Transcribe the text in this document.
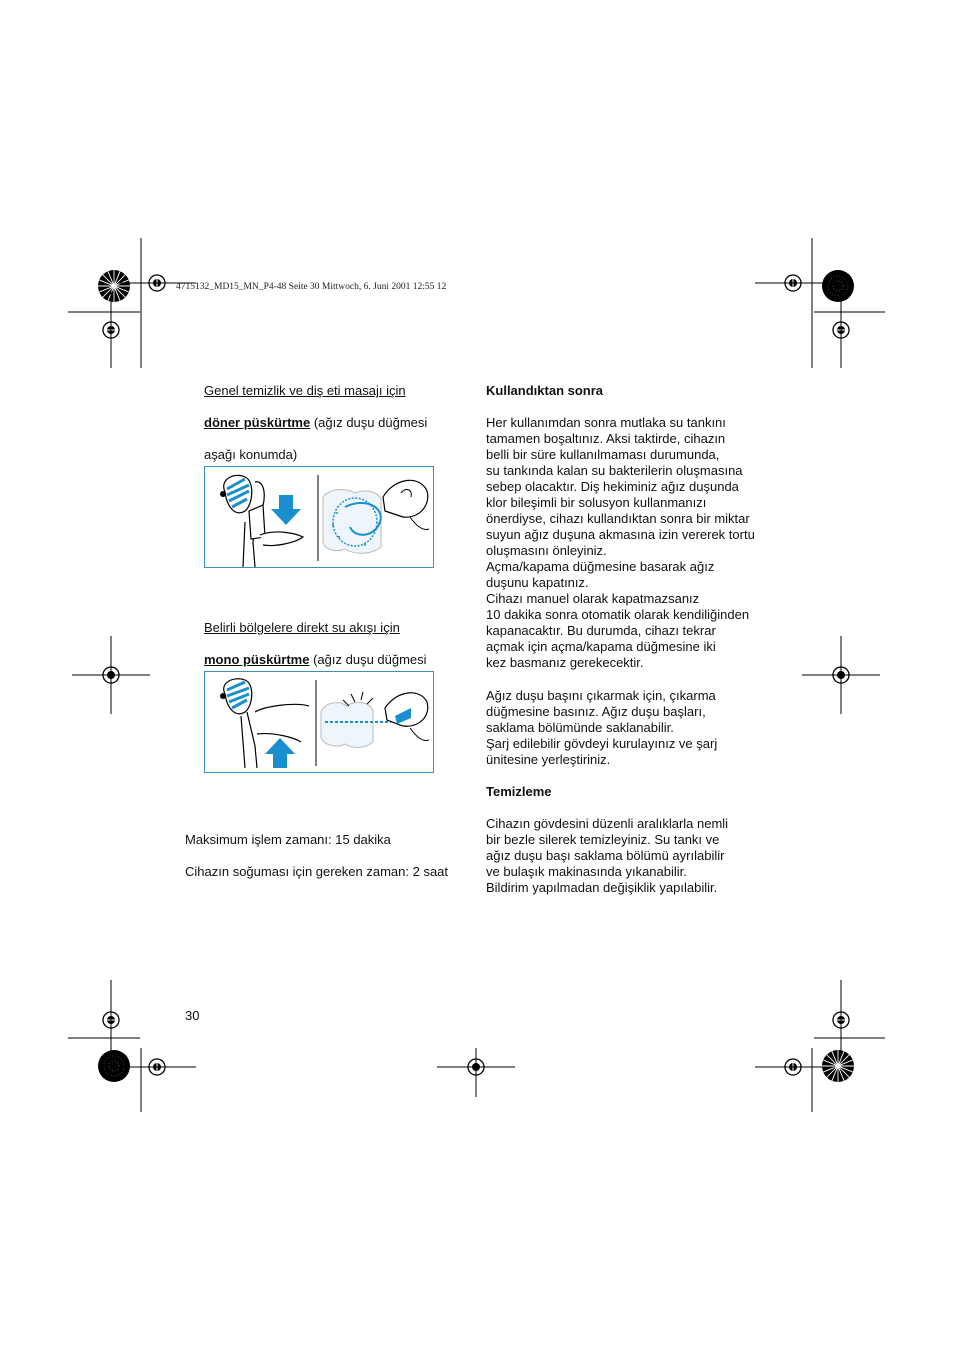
4715132_MD15_MN_P4-48 Seite 30 Mittwoch, 6. Juni 2001 12:55 12

Genel temizlik ve diş eti masajı için

döner püskürtme (ağız duşu düğmesi

aşağı konumda)

Belirli bölgelere direkt su akışı için

mono püskürtme (ağız duşu düğmesi

Maksimum işlem zamanı: 15 dakika

Cihazın soğuması için gereken zaman: 2 saat

Kullandıktan sonra

Her kullanımdan sonra mutlaka su tankını
tamamen boşaltınız. Aksi taktirde, cihazın
belli bir süre kullanılmaması durumunda,
su tankında kalan su bakterilerin oluşmasına
sebep olacaktır. Diş hekiminiz ağız duşunda
klor bileşimli bir solusyon kullanmanızı
önerdiyse, cihazı kullandıktan sonra bir miktar
suyun ağız duşuna akmasına izin vererek tortu
oluşmasını önleyiniz.

Açma/kapama düğmesine basarak ağız
duşunu kapatınız.
Cihazı manuel olarak kapatmazsanız
10 dakika sonra otomatik olarak kendiliğinden
kapanacaktır. Bu durumda, cihazı tekrar
açmak için açma/kapama düğmesine iki
kez basmanız gerekecektir.

Ağız duşu başını çıkarmak için, çıkarma
düğmesine basınız. Ağız duşu başları,
saklama bölümünde saklanabilir.
Şarj edilebilir gövdeyi kurulayınız ve şarj
ünitesine yerleştiriniz.

Temizleme

Cihazın gövdesini düzenli aralıklarla nemli
bir bezle silerek temizleyiniz. Su tankı ve
ağız duşu başı saklama bölümü ayrılabilir
ve bulaşık makinasında yıkanabilir.

Bildirim yapılmadan değişiklik yapılabilir.
30
